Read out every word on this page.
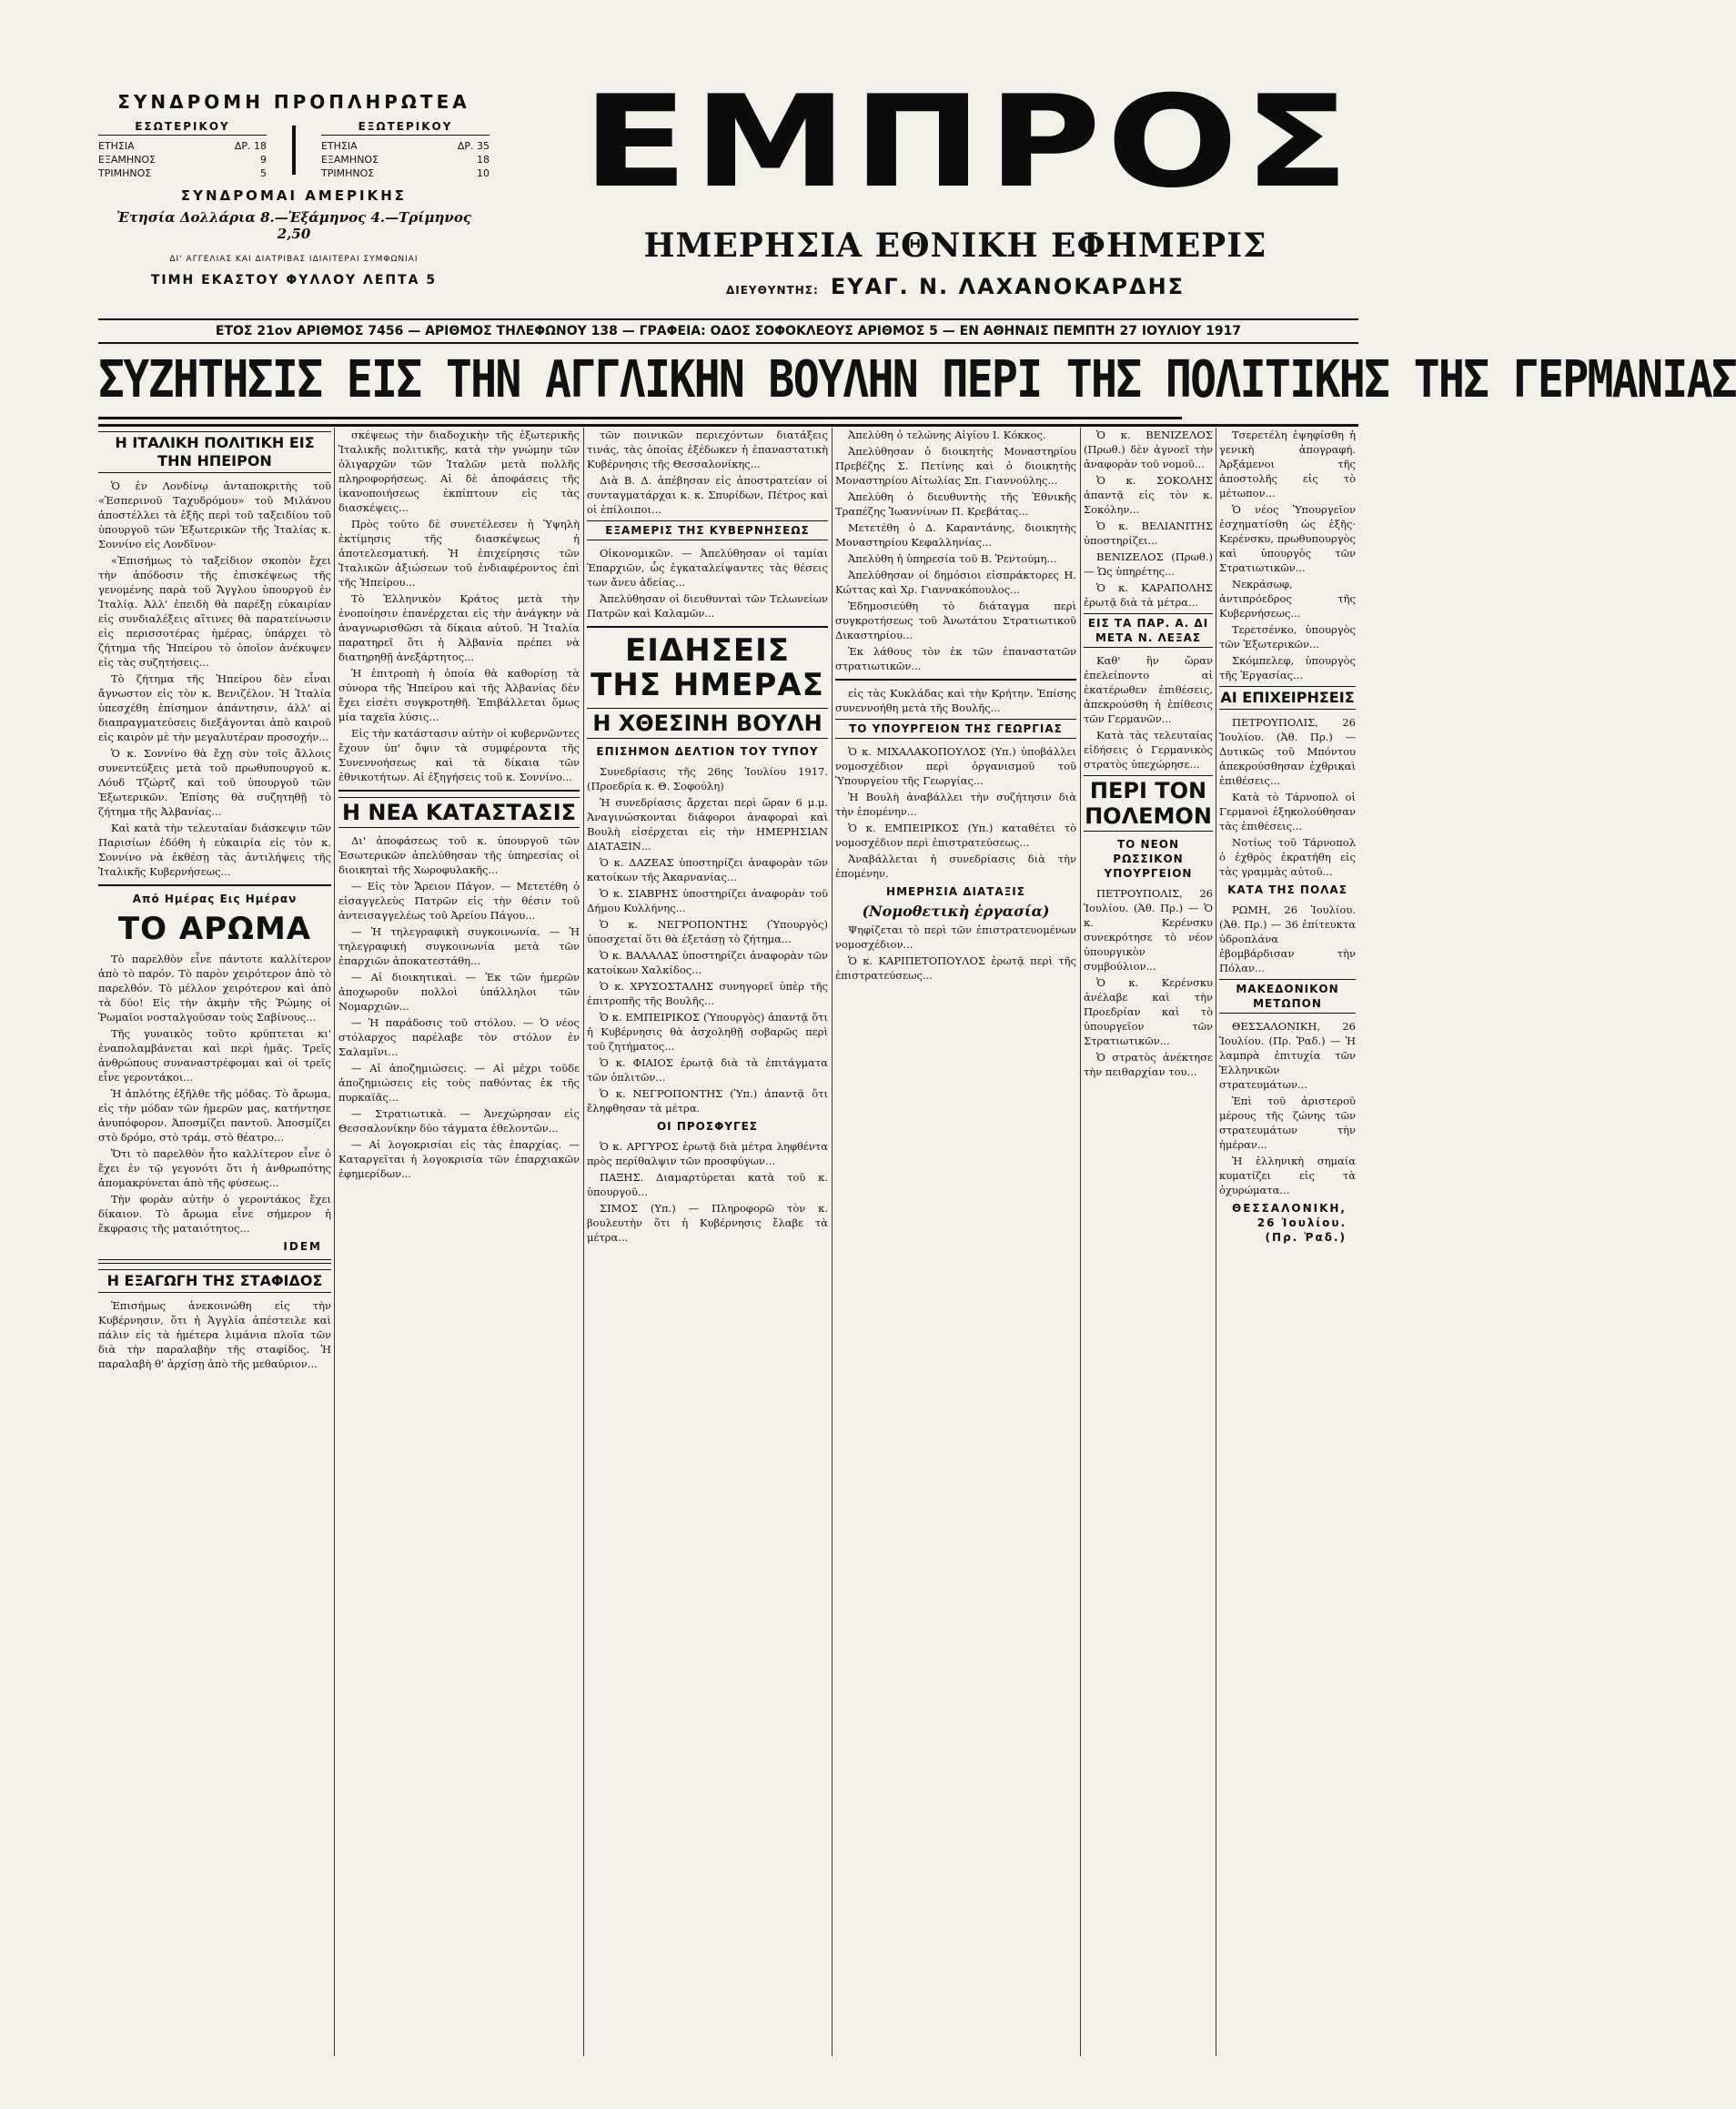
ΣΥΝΔΡΟΜΗ ΠΡΟΠΛΗΡΩΤΕΑ
ΕΣΩΤΕΡΙΚΟΥ
ΕΤΗΣΙΑ	ΔΡ. 18
ΕΞΑΜΗΝΟΣ	9
ΤΡΙΜΗΝΟΣ	5
ΕΞΩΤΕΡΙΚΟΥ
ΕΤΗΣΙΑ	ΔΡ. 35
ΕΞΑΜΗΝΟΣ	18
ΤΡΙΜΗΝΟΣ	10
ΣΥΝΔΡΟΜΑΙ ΑΜΕΡΙΚΗΣ
Ἐτησία Δολλάρια 8.—Ἑξάμηνος 4.—Τρίμηνος 2,50
ΔΙ' ΑΓΓΕΛΙΑΣ ΚΑΙ ΔΙΑΤΡΙΒΑΣ ΙΔΙΑΙΤΕΡΑΙ ΣΥΜΦΩΝΙΑΙ
ΤΙΜΗ ΕΚΑΣΤΟΥ ΦΥΛΛΟΥ ΛΕΠΤΑ 5
ΕΜΠΡΟΣ
ΗΜΕΡΗΣΙΑ ΕΘΝΙΚΗ ΕΦΗΜΕΡΙΣ
ΔΙΕΥΘΥΝΤΗΣ: ΕΥΑΓ. Ν. ΛΑΧΑΝΟΚΑΡΔΗΣ
ΕΤΟΣ 21ον ΑΡΙΘΜΟΣ 7456 — ΑΡΙΘΜΟΣ ΤΗΛΕΦΩΝΟΥ 138 — ΓΡΑΦΕΙΑ: ΟΔΟΣ ΣΟΦΟΚΛΕΟΥΣ ΑΡΙΘΜΟΣ 5 — ΕΝ ΑΘΗΝΑΙΣ ΠΕΜΠΤΗ 27 ΙΟΥΛΙΟΥ 1917
ΣΥΖΗΤΗΣΙΣ ΕΙΣ ΤΗΝ ΑΓΓΛΙΚΗΝ ΒΟΥΛΗΝ ΠΕΡΙ ΤΗΣ ΠΟΛΙΤΙΚΗΣ ΤΗΣ ΓΕΡΜΑΝΙΑΣ
Η ΙΤΑΛΙΚΗ ΠΟΛΙΤΙΚΗ ΕΙΣ ΤΗΝ ΗΠΕΙΡΟΝ

Ὁ ἐν Λονδίνῳ ἀνταποκριτὴς τοῦ «Ἐσπερινοῦ Ταχυδρόμου» τοῦ Μιλάνου ἀποστέλλει τὰ ἑξῆς περὶ τοῦ ταξειδίου τοῦ ὑπουργοῦ τῶν Ἐξωτερικῶν τῆς Ἰταλίας κ. Σοννίνο εἰς Λονδῖνον·

«Ἐπισήμως τὸ ταξείδιον σκοπὸν ἔχει τὴν ἀπόδοσιν τῆς ἐπισκέψεως τῆς γενομένης παρὰ τοῦ Ἄγγλου ὑπουργοῦ ἐν Ἰταλίᾳ. Ἀλλ' ἐπειδὴ θὰ παρέξῃ εὐκαιρίαν εἰς συνδιαλέξεις αἵτινες θὰ παρατείνωσιν εἰς περισσοτέρας ἡμέρας, ὑπάρχει τὸ ζήτημα τῆς Ἠπείρου τὸ ὁποῖον ἀνέκυψεν εἰς τὰς συζητήσεις...

Τὸ ζήτημα τῆς Ἠπείρου δὲν εἶναι ἄγνωστον εἰς τὸν κ. Βενιζέλον. Ἡ Ἰταλία ὑπεσχέθη ἐπίσημον ἀπάντησιν, ἀλλ' αἱ διαπραγματεύσεις διεξάγονται ἀπὸ καιροῦ εἰς καιρὸν μὲ τὴν μεγαλυτέραν προσοχήν...

Ὁ κ. Σοννίνο θὰ ἔχῃ σὺν τοῖς ἄλλοις συνεντεύξεις μετὰ τοῦ πρωθυπουργοῦ κ. Λόυδ Τζώρτζ καὶ τοῦ ὑπουργοῦ τῶν Ἐξωτερικῶν. Ἐπίσης θὰ συζητηθῇ τὸ ζήτημα τῆς Ἀλβανίας...

Καὶ κατὰ τὴν τελευταίαν διάσκεψιν τῶν Παρισίων ἐδόθη ἡ εὐκαιρία εἰς τὸν κ. Σοννίνο νὰ ἐκθέσῃ τὰς ἀντιλήψεις τῆς Ἰταλικῆς Κυβερνήσεως...

Από Ημέρας Εις Ημέραν
ΤΟ ΑΡΩΜΑ

Τὸ παρελθὸν εἶνε πάντοτε καλλίτερον ἀπὸ τὸ παρόν. Τὸ παρὸν χειρότερον ἀπὸ τὸ παρελθόν. Τὸ μέλλον χειρότερον καὶ ἀπὸ τὰ δύο! Εἰς τὴν ἀκμὴν τῆς Ῥώμης οἱ Ῥωμαῖοι νοσταλγοῦσαν τοὺς Σαβίνους...

Τῆς γυναικὸς τοῦτο κρύπτεται κι' ἐναπολαμβάνεται καὶ περὶ ἡμᾶς. Τρεῖς ἀνθρώπους συναναστρέφομαι καὶ οἱ τρεῖς εἶνε γεροντάκοι...

Ἡ ἁπλότης ἐξῆλθε τῆς μόδας. Τὸ ἄρωμα, εἰς τὴν μόδαν τῶν ἡμερῶν μας, κατήντησε ἀνυπόφορον. Ἀποσμίζει παντοῦ. Ἀποσμίζει στὸ δρόμο, στὸ τράμ, στὸ θέατρο...

Ὅτι τὸ παρελθὸν ἦτο καλλίτερον εἶνε ὁ ἔχει ἐν τῷ γεγονότι ὅτι ἡ ἀνθρωπότης ἀπομακρύνεται ἀπὸ τῆς φύσεως...

Τὴν φορὰν αὐτὴν ὁ γεροντάκος ἔχει δίκαιον. Τὸ ἄρωμα εἶνε σήμερον ἡ ἔκφρασις τῆς ματαιότητος...

IDEM
Η ΕΞΑΓΩΓΗ ΤΗΣ ΣΤΑΦΙΔΟΣ

Ἐπισήμως ἀνεκοινώθη εἰς τὴν Κυβέρνησιν, ὅτι ἡ Ἀγγλία ἀπέστειλε καὶ πάλιν εἰς τὰ ἡμέτερα λιμάνια πλοῖα τῶν διὰ τὴν παραλαβὴν τῆς σταφίδος. Ἡ παραλαβὴ θ' ἀρχίσῃ ἀπὸ τῆς μεθαύριον...

σκέψεως τὴν διαδοχικὴν τῆς ἐξωτερικῆς Ἰταλικῆς πολιτικῆς, κατὰ τὴν γνώμην τῶν ὀλιγαρχῶν τῶν Ἰταλῶν μετὰ πολλῆς πληροφορήσεως. Αἱ δὲ ἀποφάσεις τῆς ἱκανοποιήσεως ἐκπίπτουν εἰς τὰς διασκέψεις...

Πρὸς τοῦτο δὲ συνετέλεσεν ἡ Ὑψηλὴ ἐκτίμησις τῆς διασκέψεως ἡ ἀποτελεσματική. Ἡ ἐπιχείρησις τῶν Ἰταλικῶν ἀξιώσεων τοῦ ἐνδιαφέροντος ἐπὶ τῆς Ἠπείρου...

Τὸ Ἑλληνικὸν Κράτος μετὰ τὴν ἐνοποίησιν ἐπανέρχεται εἰς τὴν ἀνάγκην νὰ ἀναγνωρισθῶσι τὰ δίκαια αὐτοῦ. Ἡ Ἰταλία παρατηρεῖ ὅτι ἡ Ἀλβανία πρέπει νὰ διατηρηθῇ ἀνεξάρτητος...

Ἡ ἐπιτροπὴ ἡ ὁποία θὰ καθορίσῃ τὰ σύνορα τῆς Ἠπείρου καὶ τῆς Ἀλβανίας δὲν ἔχει εἰσέτι συγκροτηθῆ. Ἐπιβάλλεται ὅμως μία ταχεῖα λύσις...

Εἰς τὴν κατάστασιν αὐτὴν οἱ κυβερνῶντες ἔχουν ὑπ' ὄψιν τὰ συμφέροντα τῆς Συνεννοήσεως καὶ τὰ δίκαια τῶν ἐθνικοτήτων. Αἱ ἐξηγήσεις τοῦ κ. Σοννίνο...

Η ΝΕΑ ΚΑΤΑΣΤΑΣΙΣ

Δι' ἀποφάσεως τοῦ κ. ὑπουργοῦ τῶν Ἐσωτερικῶν ἀπελύθησαν τῆς ὑπηρεσίας οἱ διοικηταὶ τῆς Χωροφυλακῆς...

— Εἰς τὸν Ἄρειον Πάγον. — Μετετέθη ὁ εἰσαγγελεὺς Πατρῶν εἰς τὴν θέσιν τοῦ ἀντεισαγγελέως τοῦ Ἀρείου Πάγου...

— Ἡ τηλεγραφικὴ συγκοινωνία. — Ἡ τηλεγραφικὴ συγκοινωνία μετὰ τῶν ἐπαρχιῶν ἀποκατεστάθη...

— Αἱ διοικητικαὶ. — Ἐκ τῶν ἡμερῶν ἀποχωροῦν πολλοὶ ὑπάλληλοι τῶν Νομαρχιῶν...

— Ἡ παράδοσις τοῦ στόλου. — Ὁ νέος στόλαρχος παρέλαβε τὸν στόλον ἐν Σαλαμῖνι...

— Αἱ ἀποζημιώσεις. — Αἱ μέχρι τοῦδε ἀποζημιώσεις εἰς τοὺς παθόντας ἐκ τῆς πυρκαϊᾶς...

— Στρατιωτικὰ. — Ἀνεχώρησαν εἰς Θεσσαλονίκην δύο τάγματα ἐθελοντῶν...

— Αἱ λογοκρισίαι εἰς τὰς ἐπαρχίας. — Καταργεῖται ἡ λογοκρισία τῶν ἐπαρχιακῶν ἐφημερίδων...

τῶν ποινικῶν περιεχόντων διατάξεις τινάς, τὰς ὁποίας ἐξέδωκεν ἡ ἐπαναστατικὴ Κυβέρνησις τῆς Θεσσαλονίκης...

Διὰ Β. Δ. ἀπέβησαν εἰς ἀποστρατείαν οἱ συνταγματάρχαι κ. κ. Σπυρίδων, Πέτρος καὶ οἱ ἐπίλοιποι...

ΕΞΑΜΕΡΙΣ ΤΗΣ ΚΥΒΕΡΝΗΣΕΩΣ

Οἰκονομικῶν. — Ἀπελύθησαν οἱ ταμίαι Ἐπαρχιῶν, ὧς ἐγκαταλείψαντες τὰς θέσεις των ἄνευ ἀδείας...

Ἀπελύθησαν οἱ διευθυνταὶ τῶν Τελωνείων Πατρῶν καὶ Καλαμῶν...

ΕΙΔΗΣΕΙΣ ΤΗΣ ΗΜΕΡΑΣ
Η ΧΘΕΣΙΝΗ ΒΟΥΛΗ
ΕΠΙΣΗΜΟΝ ΔΕΛΤΙΟΝ ΤΟΥ ΤΥΠΟΥ

Συνεδρίασις τῆς 26ης Ἰουλίου 1917. (Προεδρία κ. Θ. Σοφούλη)

Ἡ συνεδρίασις ἄρχεται περὶ ὥραν 6 μ.μ. Ἀναγινώσκονται διάφοροι ἀναφοραὶ καὶ Βουλὴ εἰσέρχεται εἰς τὴν ΗΜΕΡΗΣΙΑΝ ΔΙΑΤΑΞΙΝ...

Ὁ κ. ΔΑΖΕΑΣ ὑποστηρίζει ἀναφορὰν τῶν κατοίκων τῆς Ἀκαρνανίας...

Ὁ κ. ΣΙΑΒΡΗΣ ὑποστηρίζει ἀναφορὰν τοῦ Δήμου Κυλλήνης...

Ὁ κ. ΝΕΓΡΟΠΟΝΤΗΣ (Ὑπουργὸς) ὑποσχεταί ὅτι θὰ ἐξετάσῃ τὸ ζήτημα...

Ὁ κ. ΒΑΛΑΛΑΣ ὑποστηρίζει ἀναφορὰν τῶν κατοίκων Χαλκίδος...

Ὁ κ. ΧΡΥΣΟΣΤΑΛΗΣ συνηγορεῖ ὑπὲρ τῆς ἐπιτροπῆς τῆς Βουλῆς...

Ὁ κ. ΕΜΠΕΙΡΙΚΟΣ (Ὑπουργὸς) ἀπαντᾷ ὅτι ἡ Κυβέρνησις θὰ ἀσχοληθῇ σοβαρῶς περὶ τοῦ ζητήματος...

Ὁ κ. ΦΙΑΙΟΣ ἐρωτᾷ διὰ τὰ ἐπιτάγματα τῶν ὁπλιτῶν...

Ὁ κ. ΝΕΓΡΟΠΟΝΤΗΣ (Ὑπ.) ἀπαντᾷ ὅτι ἔληφθησαν τὰ μέτρα.

ΟΙ ΠΡΟΣΦΥΓΕΣ

Ὁ κ. ΑΡΓΥΡΟΣ ἐρωτᾷ διὰ μέτρα ληφθέντα πρὸς περίθαλψιν τῶν προσφύγων...

ΠΑΞΗΣ. Διαμαρτύρεται κατὰ τοῦ κ. ὑπουργοῦ...

ΣΙΜΟΣ (Υπ.) — Πληροφορῶ τὸν κ. βουλευτὴν ὅτι ἡ Κυβέρνησις ἔλαβε τὰ μέτρα...

Ἀπελύθη ὁ τελώνης Αἰγίου Ι. Κόκκος.

Ἀπελύθησαν ὁ διοικητὴς Μοναστηρίου Πρεβέζης Σ. Πετίνης καὶ ὁ διοικητὴς Μοναστηρίου Αἰτωλίας Σπ. Γιαννούλης...

Ἀπελύθη ὁ διευθυντὴς τῆς Ἐθνικῆς Τραπέζης Ἰωαννίνων Π. Κρεβάτας...

Μετετέθη ὁ Δ. Καραντάνης, διοικητὴς Μοναστηρίου Κεφαλληνίας...

Ἀπελύθη ἡ ὑπηρεσία τοῦ Β. Ῥεντούμη...

Ἀπελύθησαν οἱ δημόσιοι εἰσπράκτορες Η. Κώττας καὶ Χρ. Γιαννακόπουλος...

Ἐδημοσιεύθη τὸ διάταγμα περὶ συγκροτήσεως τοῦ Ἀνωτάτου Στρατιωτικοῦ Δικαστηρίου...

Ἐκ λάθους τὸν ἐκ τῶν ἐπαναστατῶν στρατιωτικῶν...

εἰς τὰς Κυκλάδας καὶ τὴν Κρήτην. Ἐπίσης συνεννοήθη μετὰ τῆς Βουλῆς...

ΤΟ ΥΠΟΥΡΓΕΙΟΝ ΤΗΣ ΓΕΩΡΓΙΑΣ

Ὁ κ. ΜΙΧΑΛΑΚΟΠΟΥΛΟΣ (Υπ.) ὑποβάλλει νομοσχέδιον περὶ ὀργανισμοῦ τοῦ Ὑπουργείου τῆς Γεωργίας...

Ἡ Βουλὴ ἀναβάλλει τὴν συζήτησιν διὰ τὴν ἑπομένην...

Ὁ κ. ΕΜΠΕΙΡΙΚΟΣ (Υπ.) καταθέτει τὸ νομοσχέδιον περὶ ἐπιστρατεύσεως...

Ἀναβάλλεται ἡ συνεδρίασις διὰ τὴν ἑπομένην.

ΗΜΕΡΗΣΙΑ ΔΙΑΤΑΞΙΣ
(Νομοθετικὴ ἐργασία)

Ψηφίζεται τὸ περὶ τῶν ἐπιστρατευομένων νομοσχέδιον...

Ὁ κ. ΚΑΡΙΠΕΤΟΠΟΥΛΟΣ ἐρωτᾷ περὶ τῆς ἐπιστρατεύσεως...

Ὁ κ. ΒΕΝΙΖΕΛΟΣ (Πρωθ.) δὲν ἀγνοεῖ τὴν ἀναφορὰν τοῦ νομοῦ...

Ὁ κ. ΣΟΚΟΛΗΣ ἀπαντᾷ εἰς τὸν κ. Σοκόλην...

Ὁ κ. ΒΕΛΙΑΝΙΤΗΣ ὑποστηρίζει...

ΒΕΝΙΖΕΛΟΣ (Πρωθ.) — Ὡς ὑπηρέτης...

Ὁ κ. ΚΑΡΑΠΟΛΗΣ ἐρωτᾷ διὰ τὰ μέτρα...

ΕΙΣ ΤΑ ΠΑΡ. Α. ΔΙ ΜΕΤΑ Ν. ΛΕΞΑΣ

Καθ' ἣν ὥραν ἐπελείποντο αἱ ἑκατέρωθεν ἐπιθέσεις, ἀπεκρούσθη ἡ ἐπίθεσις τῶν Γερμανῶν...

Κατὰ τὰς τελευταίας εἰδήσεις ὁ Γερμανικὸς στρατὸς ὑπεχώρησε...

ΠΕΡΙ ΤΟΝ ΠΟΛΕΜΟΝ
ΤΟ ΝΕΟΝ ΡΩΣΣΙΚΟΝ ΥΠΟΥΡΓΕΙΟΝ

ΠΕΤΡΟΥΠΟΛΙΣ, 26 Ἰουλίου. (Ἀθ. Πρ.) — Ὁ κ. Κερένσκυ συνεκρότησε τὸ νέον ὑπουργικὸν συμβούλιον...

Ὁ κ. Κερένσκυ ἀνέλαβε καὶ τὴν Προεδρίαν καὶ τὸ ὑπουργεῖον τῶν Στρατιωτικῶν...

Ὁ στρατὸς ἀνέκτησε τὴν πειθαρχίαν του...

Τσερετέλη ἐψηφίσθη ἡ γενικὴ ἀπογραφή. Ἀρξάμενοι τῆς ἀποστολῆς εἰς τὸ μέτωπον...

Ὁ νέος Ὑπουργεῖον ἐσχηματίσθη ὡς ἑξῆς· Κερένσκυ, πρωθυπουργὸς καὶ ὑπουργὸς τῶν Στρατιωτικῶν...

Νεκράσωφ, ἀντιπρόεδρος τῆς Κυβερνήσεως...

Τερετσένκο, ὑπουργὸς τῶν Ἐξωτερικῶν...

Σκόμπελεφ, ὑπουργὸς τῆς Ἐργασίας...

ΑΙ ΕΠΙΧΕΙΡΗΣΕΙΣ

ΠΕΤΡΟΥΠΟΛΙΣ, 26 Ἰουλίου. (Ἀθ. Πρ.) — Δυτικῶς τοῦ Μπόντου ἀπεκρούσθησαν ἐχθρικαὶ ἐπιθέσεις...

Κατὰ τὸ Τάρνοπολ οἱ Γερμανοὶ ἐξηκολούθησαν τὰς ἐπιθέσεις...

Νοτίως τοῦ Τάρνοπολ ὁ ἐχθρὸς ἐκρατήθη εἰς τὰς γραμμὰς αὐτοῦ...

ΚΑΤΑ ΤΗΣ ΠΟΛΑΣ

ΡΩΜΗ, 26 Ἰουλίου. (Ἀθ. Πρ.) — 36 ἐπίτευκτα ὑδροπλάνα ἐβομβάρδισαν τὴν Πόλαν...

ΜΑΚΕΔΟΝΙΚΟΝ ΜΕΤΩΠΟΝ

ΘΕΣΣΑΛΟΝΙΚΗ, 26 Ἰουλίου. (Πρ. Ῥαδ.) — Ἡ λαμπρὰ ἐπιτυχία τῶν Ἑλληνικῶν στρατευμάτων...

Ἐπὶ τοῦ ἀριστεροῦ μέρους τῆς ζώνης τῶν στρατευμάτων τὴν ἡμέραν...

Ἡ ἑλληνικὴ σημαία κυματίζει εἰς τὰ ὀχυρώματα...

ΘΕΣΣΑΛΟΝΙΚΗ, 26 Ἰουλίου. (Πρ. Ῥαδ.)
